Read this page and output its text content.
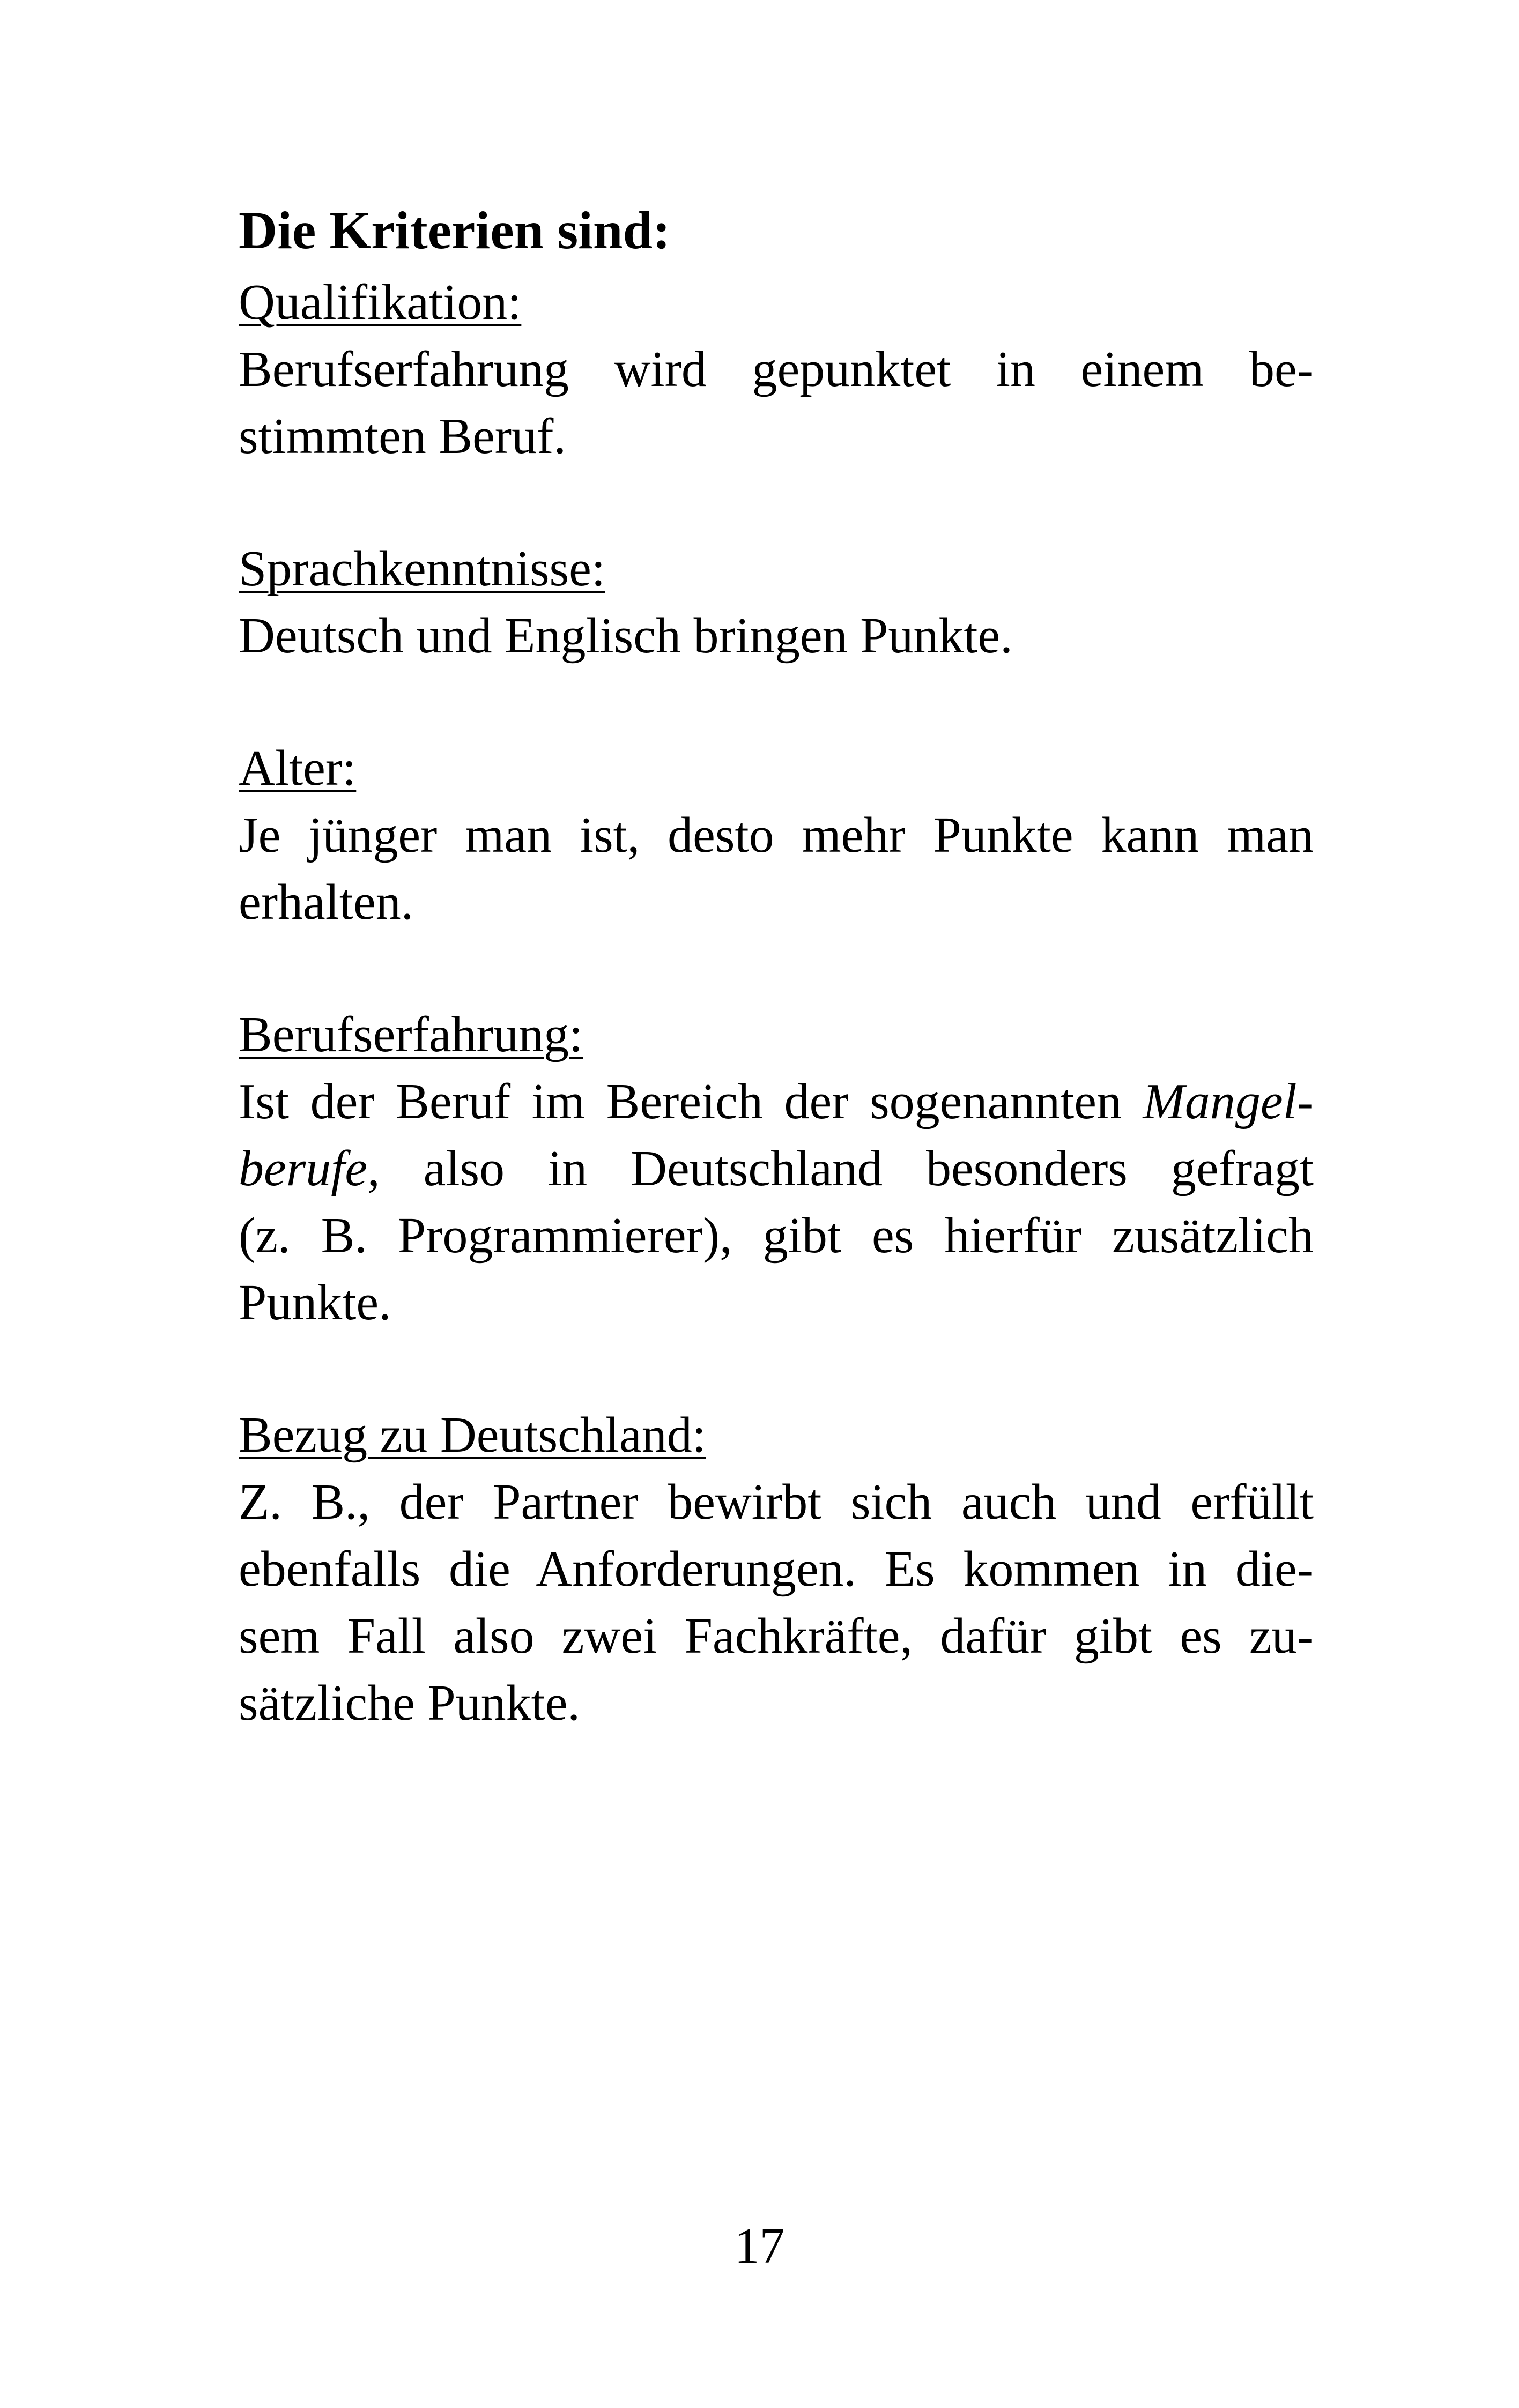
Die Kriterien sind:
Qualifikation:
Berufserfahrung wird gepunktet in einem be-
stimmten Beruf.
Sprachkenntnisse:
Deutsch und Englisch bringen Punkte.
Alter:
Je jünger man ist, desto mehr Punkte kann man
erhalten.
Berufserfahrung:
Ist der Beruf im Bereich der sogenannten Mangel-
berufe, also in Deutschland besonders gefragt
(z. B. Programmierer), gibt es hierfür zusätzlich
Punkte.
Bezug zu Deutschland:
Z. B., der Partner bewirbt sich auch und erfüllt
ebenfalls die Anforderungen. Es kommen in die-
sem Fall also zwei Fachkräfte, dafür gibt es zu-
sätzliche Punkte.
17
